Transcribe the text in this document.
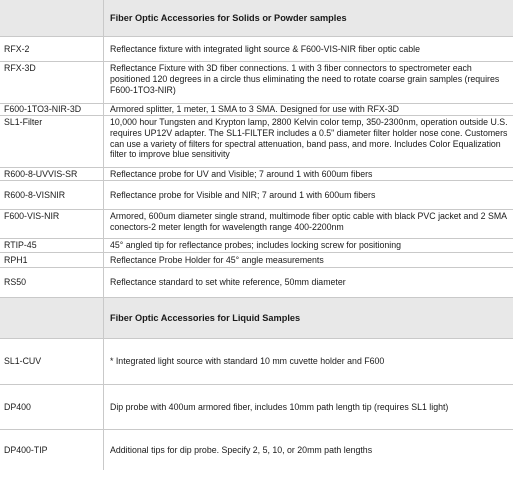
Fiber Optic Accessories for Solids or Powder samples
RFX-2	Reflectance fixture with integrated light source & F600-VIS-NIR fiber optic cable
RFX-3D	Reflectance Fixture with 3D fiber connections. 1 with 3 fiber connectors to spectrometer each positioned 120 degrees in a circle thus eliminating the need to rotate coarse grain samples (requires F600-1TO3-NIR)
F600-1TO3-NIR-3D	Armored splitter, 1 meter, 1 SMA to 3 SMA. Designed for use with RFX-3D
SL1-Filter	10,000 hour Tungsten and Krypton lamp, 2800 Kelvin color temp, 350-2300nm, operation outside U.S. requires UP12V adapter. The SL1-FILTER includes a 0.5" diameter filter holder nose cone. Customers can use a variety of filters for spectral attenuation, band pass, and more. Includes Color Equalization filter to improve blue sensitivity
R600-8-UVVIS-SR	Reflectance probe for UV and Visible; 7 around 1 with 600um fibers
R600-8-VISNIR	Reflectance probe for Visible and NIR; 7 around 1 with 600um fibers
F600-VIS-NIR	Armored, 600um diameter single strand, multimode fiber optic cable with black PVC jacket and 2 SMA conectors-2 meter length for wavelength range 400-2200nm
RTIP-45	45° angled tip for reflectance probes; includes locking screw for positioning
RPH1	Reflectance Probe Holder for 45° angle measurements
RS50	Reflectance standard to set white reference, 50mm diameter
Fiber Optic Accessories for Liquid Samples
SL1-CUV	* Integrated light source with standard 10 mm cuvette holder and F600
DP400	Dip probe with 400um armored fiber, includes 10mm path length tip (requires SL1 light)
DP400-TIP	Additional tips for dip probe. Specify 2, 5, 10, or 20mm path lengths
